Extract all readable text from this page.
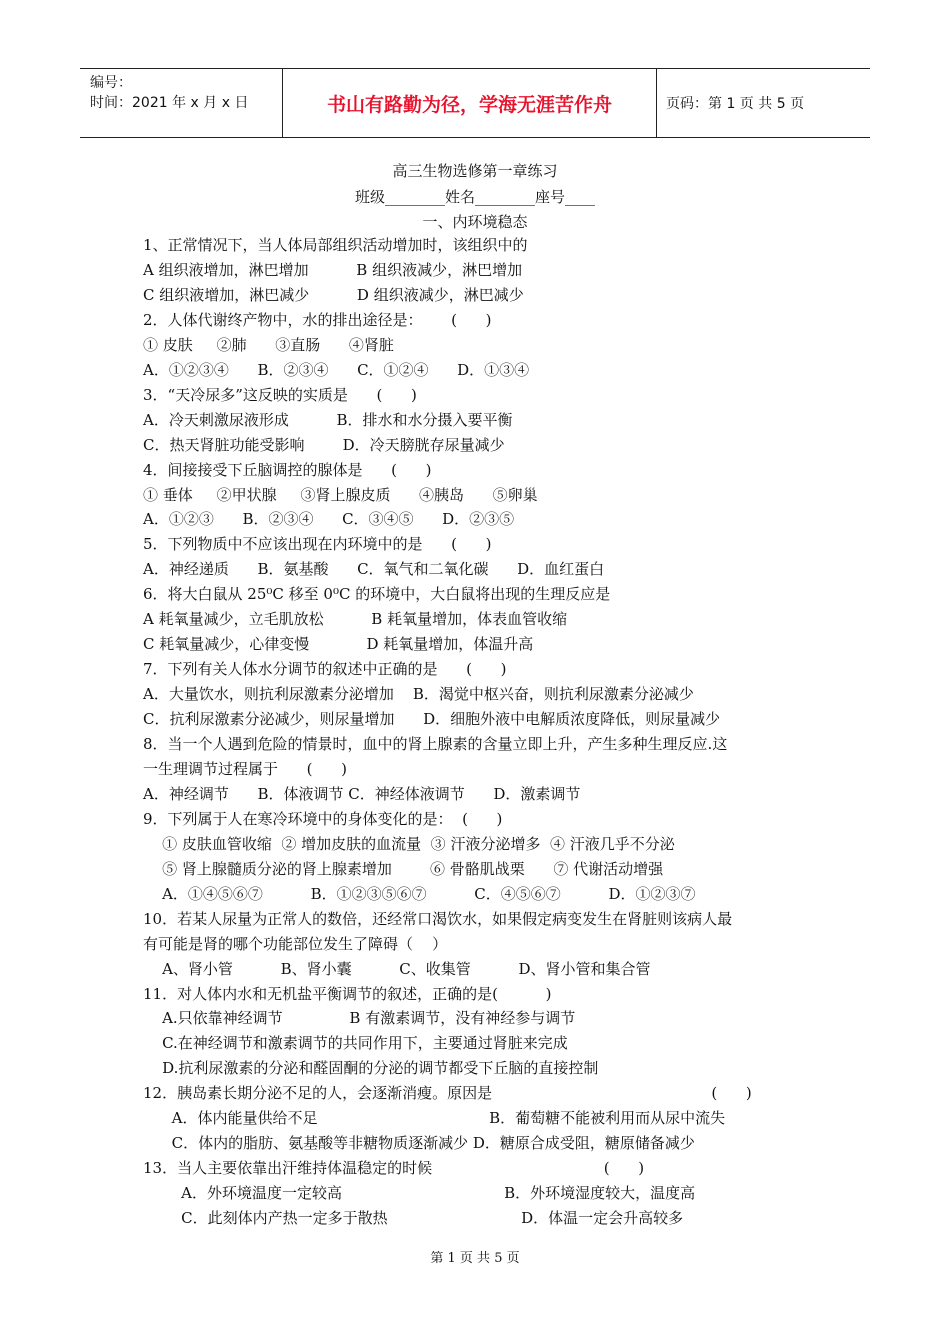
编号：
时间：2021 年 x 月 x 日	书山有路勤为径，学海无涯苦作舟	页码：第 1 页 共 5 页
高三生物选修第一章练习
班级________姓名________座号____
一、内环境稳态
1、正常情况下，当人体局部组织活动增加时，该组织中的
A 组织液增加，淋巴增加          B 组织液减少，淋巴增加
C 组织液增加，淋巴减少          D 组织液减少，淋巴减少
2．人体代谢终产物中，水的排出途径是：      (      )
① 皮肤     ②肺      ③直肠      ④肾脏
A．①②③④      B．②③④      C．①②④      D．①③④
3．“天冷尿多”这反映的实质是      (      )
A．冷天刺激尿液形成          B．排水和水分摄入要平衡
C．热天肾脏功能受影响        D．冷天膀胱存尿量减少
4．间接接受下丘脑调控的腺体是      (      )
① 垂体     ②甲状腺     ③肾上腺皮质      ④胰岛      ⑤卵巢
A．①②③      B．②③④      C．③④⑤      D．②③⑤
5．下列物质中不应该出现在内环境中的是      (      )
A．神经递质      B．氨基酸      C．氧气和二氧化碳      D．血红蛋白
6．将大白鼠从 25⁰C 移至 0⁰C 的环境中，大白鼠将出现的生理反应是
A 耗氧量减少，立毛肌放松          B 耗氧量增加，体表血管收缩
C 耗氧量减少，心律变慢            D 耗氧量增加，体温升高
7．下列有关人体水分调节的叙述中正确的是      (      )
A．大量饮水，则抗利尿激素分泌增加    B．渴觉中枢兴奋，则抗利尿激素分泌减少
C．抗利尿激素分泌减少，则尿量增加      D．细胞外液中电解质浓度降低，则尿量减少
8．当一个人遇到危险的情景时，血中的肾上腺素的含量立即上升，产生多种生理反应.这
一生理调节过程属于      (      )
A．神经调节      B．体液调节 C．神经体液调节      D．激素调节
9．下列属于人在寒冷环境中的身体变化的是：  (      )
① 皮肤血管收缩  ② 增加皮肤的血流量  ③ 汗液分泌增多  ④ 汗液几乎不分泌
⑤ 肾上腺髓质分泌的肾上腺素增加        ⑥ 骨骼肌战栗      ⑦ 代谢活动增强
A．①④⑤⑥⑦          B．①②③⑤⑥⑦          C．④⑤⑥⑦          D．①②③⑦
10．若某人尿量为正常人的数倍，还经常口渴饮水，如果假定病变发生在肾脏则该病人最
有可能是肾的哪个功能部位发生了障碍（    ）
A、肾小管          B、肾小囊          C、收集管          D、肾小管和集合管
11．对人体内水和无机盐平衡调节的叙述，正确的是(          )
A.只依靠神经调节              B 有激素调节，没有神经参与调节
C.在神经调节和激素调节的共同作用下，主要通过肾脏来完成
D.抗利尿激素的分泌和醛固酮的分泌的调节都受下丘脑的直接控制
12．胰岛素长期分泌不足的人，会逐渐消瘦。原因是                                              (      )
A．体内能量供给不足                                    B．葡萄糖不能被利用而从尿中流失
C．体内的脂肪、氨基酸等非糖物质逐渐减少 D．糖原合成受阻，糖原储备减少
13．当人主要依靠出汗维持体温稳定的时候                                    (      )
A．外环境温度一定较高                                  B．外环境湿度较大，温度高
C．此刻体内产热一定多于散热                            D．体温一定会升高较多
第 1 页 共 5 页
